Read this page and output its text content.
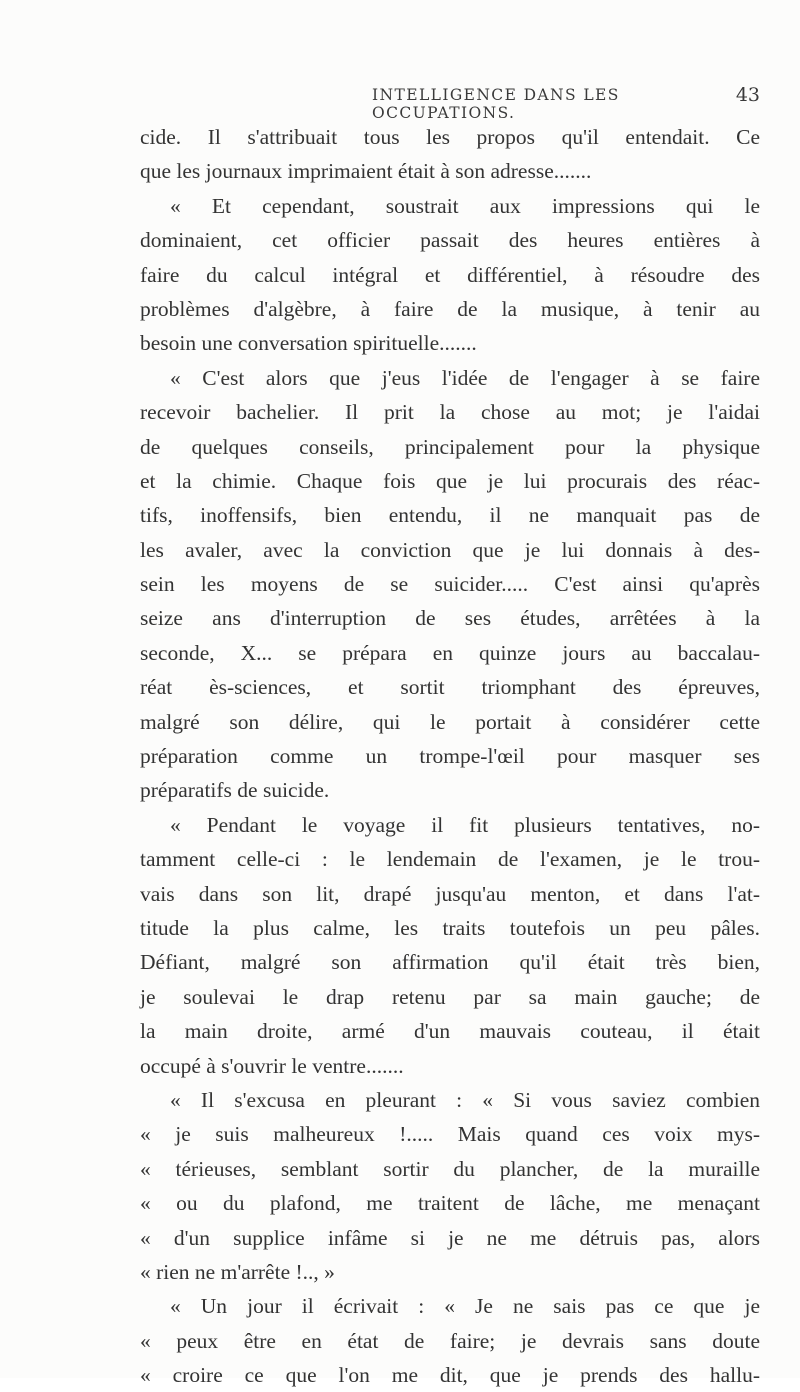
INTELLIGENCE DANS LES OCCUPATIONS.
43
cide. Il s'attribuait tous les propos qu'il entendait. Ce
que les journaux imprimaient était à son adresse.......
« Et cependant, soustrait aux impressions qui le
dominaient, cet officier passait des heures entières à
faire du calcul intégral et différentiel, à résoudre des
problèmes d'algèbre, à faire de la musique, à tenir au
besoin une conversation spirituelle.......
« C'est alors que j'eus l'idée de l'engager à se faire
recevoir bachelier. Il prit la chose au mot; je l'aidai
de quelques conseils, principalement pour la physique
et la chimie. Chaque fois que je lui procurais des réac-
tifs, inoffensifs, bien entendu, il ne manquait pas de
les avaler, avec la conviction que je lui donnais à des-
sein les moyens de se suicider..... C'est ainsi qu'après
seize ans d'interruption de ses études, arrêtées à la
seconde, X... se prépara en quinze jours au baccalau-
réat ès-sciences, et sortit triomphant des épreuves,
malgré son délire, qui le portait à considérer cette
préparation comme un trompe-l'œil pour masquer ses
préparatifs de suicide.
« Pendant le voyage il fit plusieurs tentatives, no-
tamment celle-ci : le lendemain de l'examen, je le trou-
vais dans son lit, drapé jusqu'au menton, et dans l'at-
titude la plus calme, les traits toutefois un peu pâles.
Défiant, malgré son affirmation qu'il était très bien,
je soulevai le drap retenu par sa main gauche; de
la main droite, armé d'un mauvais couteau, il était
occupé à s'ouvrir le ventre.......
« Il s'excusa en pleurant : « Si vous saviez combien
« je suis malheureux !..... Mais quand ces voix mys-
« térieuses, semblant sortir du plancher, de la muraille
« ou du plafond, me traitent de lâche, me menaçant
« d'un supplice infâme si je ne me détruis pas, alors
« rien ne m'arrête !.., »
« Un jour il écrivait : « Je ne sais pas ce que je
« peux être en état de faire; je devrais sans doute
« croire ce que l'on me dit, que je prends des hallu-
